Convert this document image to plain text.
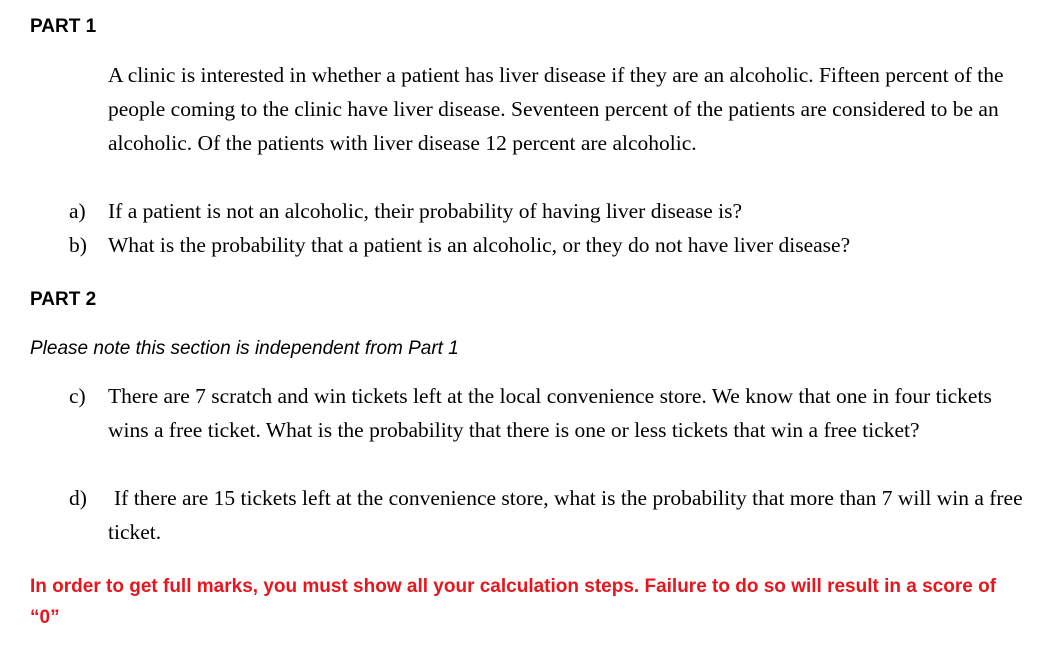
PART 1
A clinic is interested in whether a patient has liver disease if they are an alcoholic. Fifteen percent of the people coming to the clinic have liver disease. Seventeen percent of the patients are considered to be an alcoholic. Of the patients with liver disease 12 percent are alcoholic.
a) If a patient is not an alcoholic, their probability of having liver disease is?
b) What is the probability that a patient is an alcoholic, or they do not have liver disease?
PART 2
Please note this section is independent from Part 1
c) There are 7 scratch and win tickets left at the local convenience store. We know that one in four tickets wins a free ticket. What is the probability that there is one or less tickets that win a free ticket?
d) If there are 15 tickets left at the convenience store, what is the probability that more than 7 will win a free ticket.
In order to get full marks, you must show all your calculation steps. Failure to do so will result in a score of “0”
